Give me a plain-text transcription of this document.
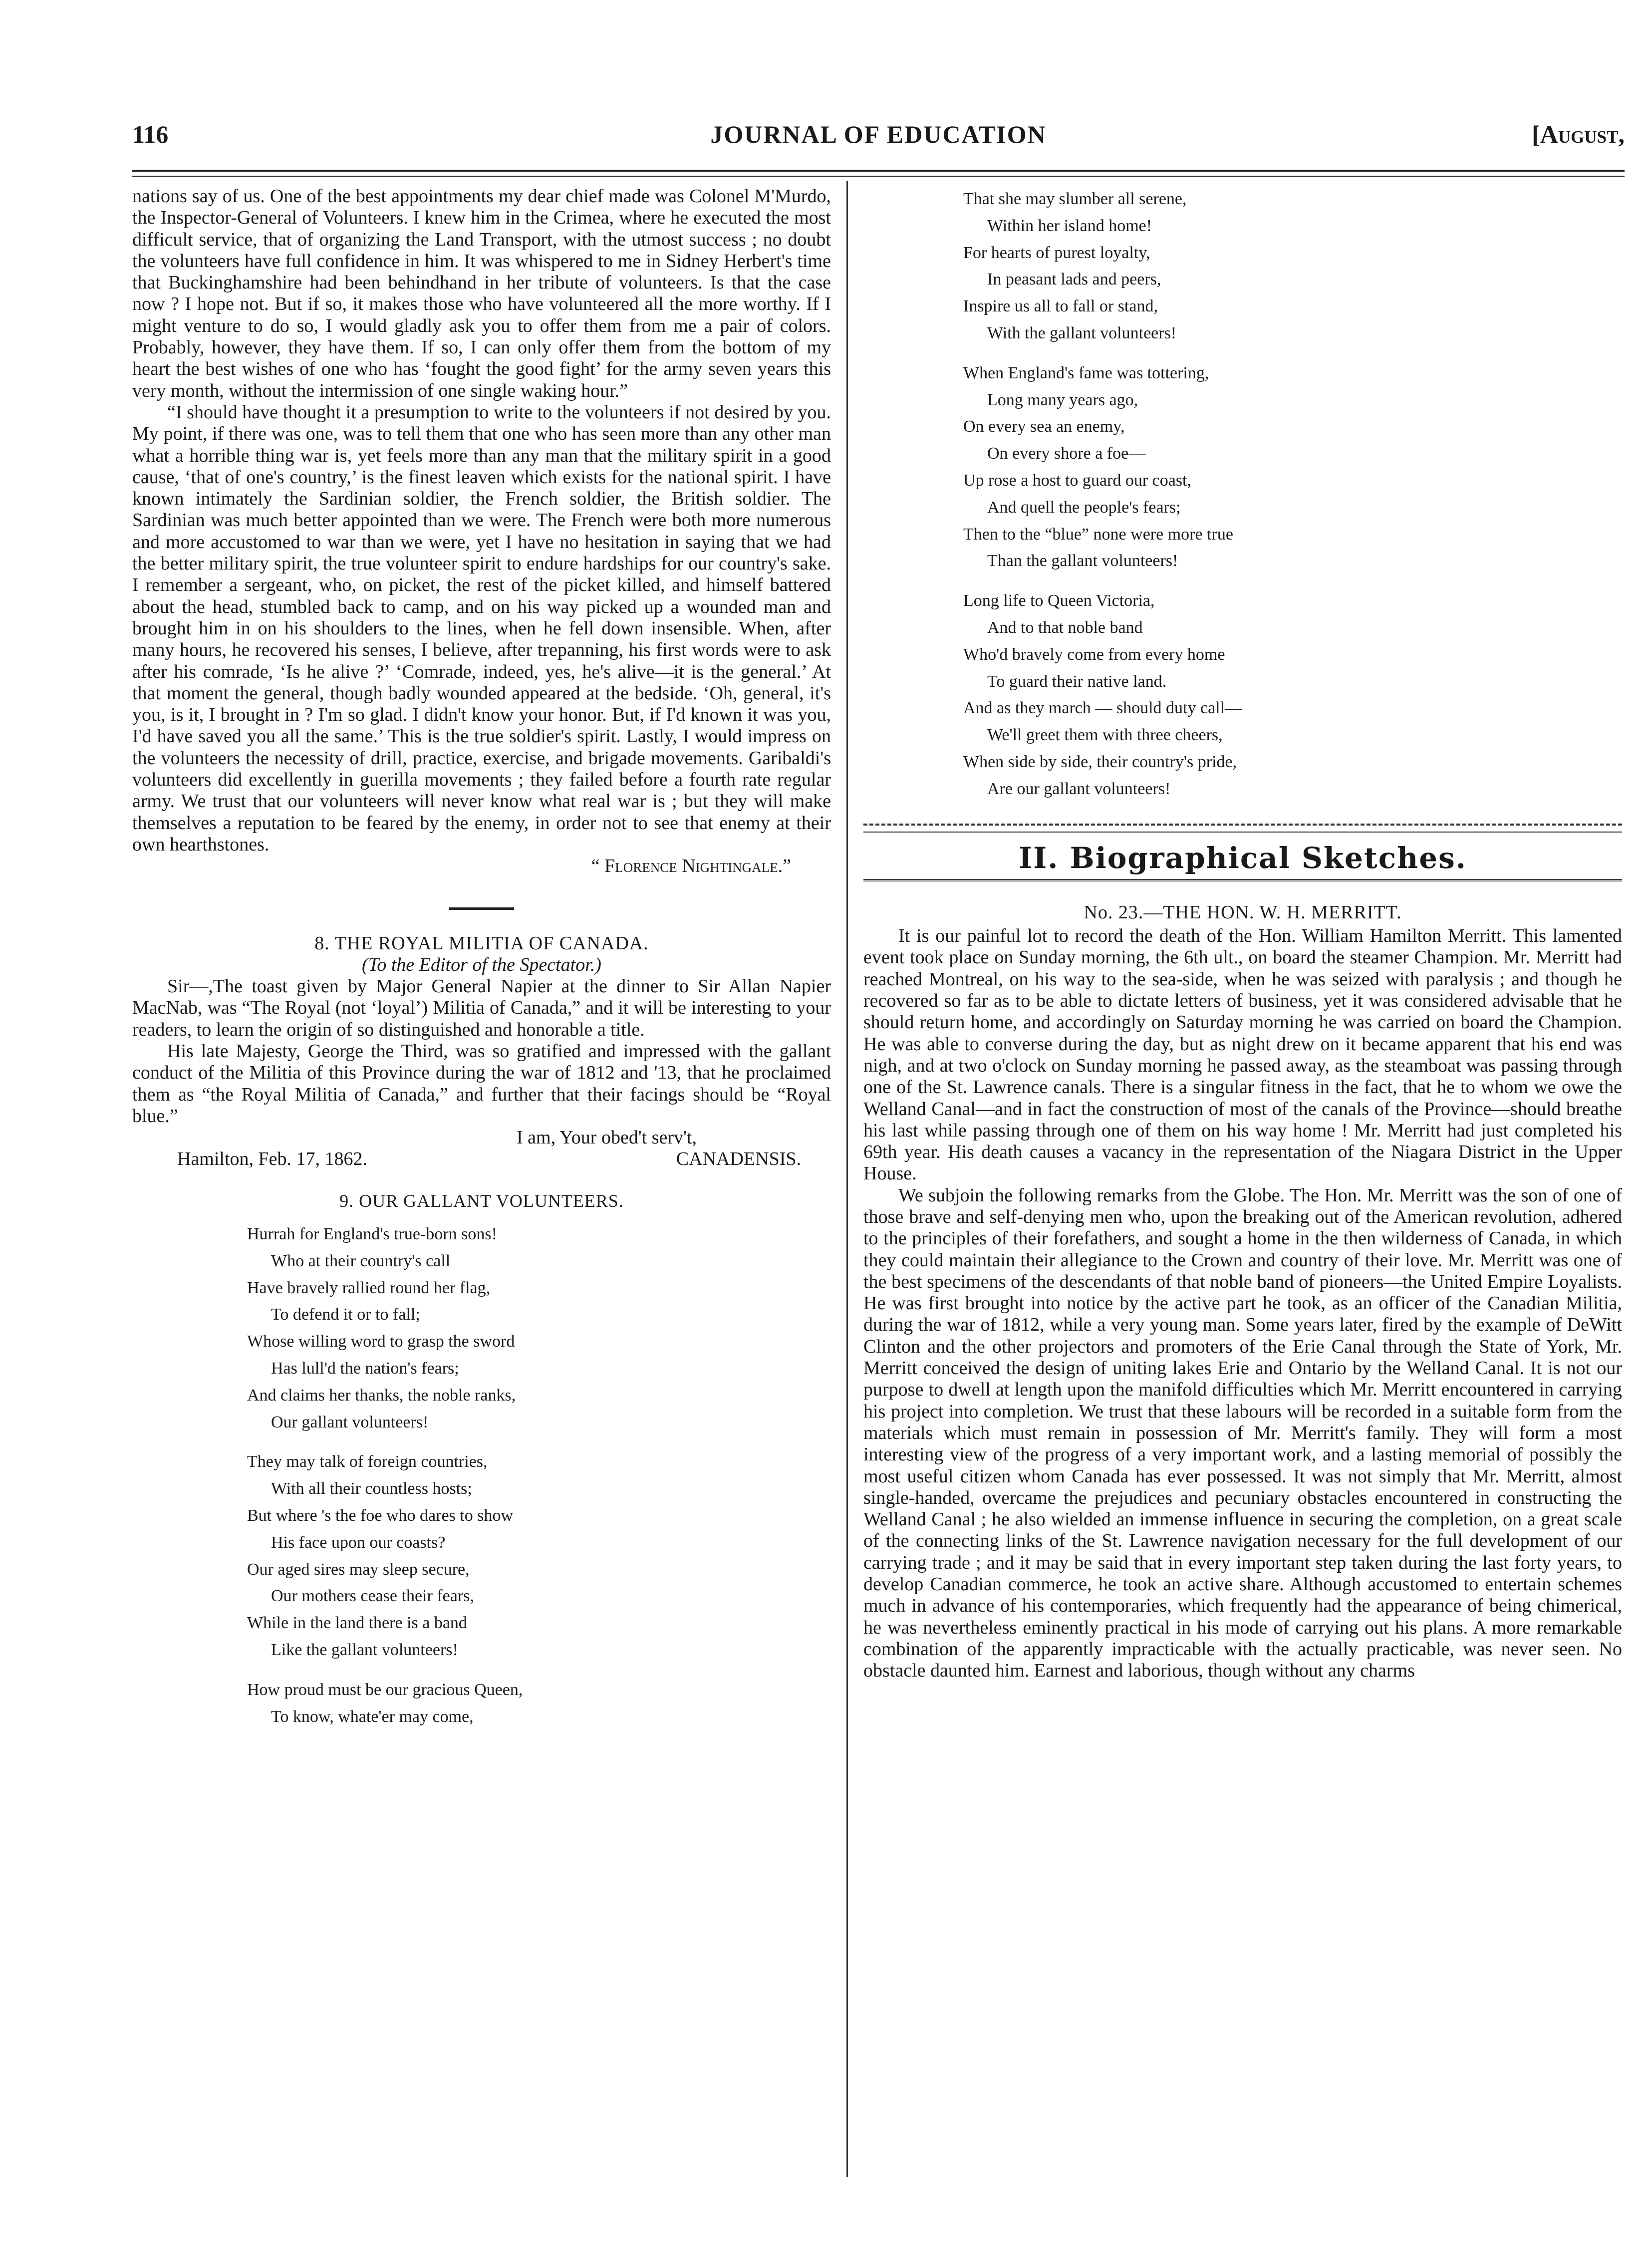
116	JOURNAL OF EDUCATION	[August,

nations say of us. One of the best appointments my dear chief made was Colonel M'Murdo, the Inspector-General of Volunteers. I knew him in the Crimea, where he executed the most difficult service, that of organizing the Land Transport, with the utmost success ; no doubt the volunteers have full confidence in him. It was whispered to me in Sidney Herbert's time that Buckinghamshire had been behindhand in her tribute of volunteers. Is that the case now ? I hope not. But if so, it makes those who have volunteered all the more worthy. If I might venture to do so, I would gladly ask you to offer them from me a pair of colors. Probably, however, they have them. If so, I can only offer them from the bottom of my heart the best wishes of one who has ‘fought the good fight’ for the army seven years this very month, without the intermission of one single waking hour.”

“I should have thought it a presumption to write to the volunteers if not desired by you. My point, if there was one, was to tell them that one who has seen more than any other man what a horrible thing war is, yet feels more than any man that the military spirit in a good cause, ‘that of one's country,’ is the finest leaven which exists for the national spirit. I have known intimately the Sardinian soldier, the French soldier, the British soldier. The Sardinian was much better appointed than we were. The French were both more numerous and more accustomed to war than we were, yet I have no hesitation in saying that we had the better military spirit, the true volunteer spirit to endure hardships for our country's sake. I remember a sergeant, who, on picket, the rest of the picket killed, and himself battered about the head, stumbled back to camp, and on his way picked up a wounded man and brought him in on his shoulders to the lines, when he fell down insensible. When, after many hours, he recovered his senses, I believe, after trepanning, his first words were to ask after his comrade, ‘Is he alive ?’ ‘Comrade, indeed, yes, he's alive—it is the general.’ At that moment the general, though badly wounded appeared at the bedside. ‘Oh, general, it's you, is it, I brought in ? I'm so glad. I didn't know your honor. But, if I'd known it was you, I'd have saved you all the same.’ This is the true soldier's spirit. Lastly, I would impress on the volunteers the necessity of drill, practice, exercise, and brigade movements. Garibaldi's volunteers did excellently in guerilla movements ; they failed before a fourth rate regular army. We trust that our volunteers will never know what real war is ; but they will make themselves a reputation to be feared by the enemy, in order not to see that enemy at their own hearthstones.

“ Florence Nightingale.”

8. THE ROYAL MILITIA OF CANADA.
(To the Editor of the Spectator.)

Sir—,The toast given by Major General Napier at the dinner to Sir Allan Napier MacNab, was “The Royal (not ‘loyal’) Militia of Canada,” and it will be interesting to your readers, to learn the origin of so distinguished and honorable a title.

His late Majesty, George the Third, was so gratified and impressed with the gallant conduct of the Militia of this Province during the war of 1812 and '13, that he proclaimed them as “the Royal Militia of Canada,” and further that their facings should be “Royal blue.”

I am, Your obed't serv't,
Hamilton, Feb. 17, 1862.	CANADENSIS.
9. OUR GALLANT VOLUNTEERS.
Hurrah for England's true-born sons!
Who at their country's call
Have bravely rallied round her flag,
To defend it or to fall;
Whose willing word to grasp the sword
Has lull'd the nation's fears;
And claims her thanks, the noble ranks,
Our gallant volunteers!
They may talk of foreign countries,
With all their countless hosts;
But where 's the foe who dares to show
His face upon our coasts?
Our aged sires may sleep secure,
Our mothers cease their fears,
While in the land there is a band
Like the gallant volunteers!
How proud must be our gracious Queen,
To know, whate'er may come,
That she may slumber all serene,
Within her island home!
For hearts of purest loyalty,
In peasant lads and peers,
Inspire us all to fall or stand,
With the gallant volunteers!
When England's fame was tottering,
Long many years ago,
On every sea an enemy,
On every shore a foe—
Up rose a host to guard our coast,
And quell the people's fears;
Then to the “blue” none were more true
Than the gallant volunteers!
Long life to Queen Victoria,
And to that noble band
Who'd bravely come from every home
To guard their native land.
And as they march — should duty call—
We'll greet them with three cheers,
When side by side, their country's pride,
Are our gallant volunteers!
II. Biographical Sketches.
No. 23.—THE HON. W. H. MERRITT.

It is our painful lot to record the death of the Hon. William Hamilton Merritt. This lamented event took place on Sunday morning, the 6th ult., on board the steamer Champion. Mr. Merritt had reached Montreal, on his way to the sea-side, when he was seized with paralysis ; and though he recovered so far as to be able to dictate letters of business, yet it was considered advisable that he should return home, and accordingly on Saturday morning he was carried on board the Champion. He was able to converse during the day, but as night drew on it became apparent that his end was nigh, and at two o'clock on Sunday morning he passed away, as the steamboat was passing through one of the St. Lawrence canals. There is a singular fitness in the fact, that he to whom we owe the Welland Canal—and in fact the construction of most of the canals of the Province—should breathe his last while passing through one of them on his way home ! Mr. Merritt had just completed his 69th year. His death causes a vacancy in the representation of the Niagara District in the Upper House.

We subjoin the following remarks from the Globe. The Hon. Mr. Merritt was the son of one of those brave and self-denying men who, upon the breaking out of the American revolution, adhered to the principles of their forefathers, and sought a home in the then wilderness of Canada, in which they could maintain their allegiance to the Crown and country of their love. Mr. Merritt was one of the best specimens of the descendants of that noble band of pioneers—the United Empire Loyalists. He was first brought into notice by the active part he took, as an officer of the Canadian Militia, during the war of 1812, while a very young man. Some years later, fired by the example of DeWitt Clinton and the other projectors and promoters of the Erie Canal through the State of York, Mr. Merritt conceived the design of uniting lakes Erie and Ontario by the Welland Canal. It is not our purpose to dwell at length upon the manifold difficulties which Mr. Merritt encountered in carrying his project into completion. We trust that these labours will be recorded in a suitable form from the materials which must remain in possession of Mr. Merritt's family. They will form a most interesting view of the progress of a very important work, and a lasting memorial of possibly the most useful citizen whom Canada has ever possessed. It was not simply that Mr. Merritt, almost single-handed, overcame the prejudices and pecuniary obstacles encountered in constructing the Welland Canal ; he also wielded an immense influence in securing the completion, on a great scale of the connecting links of the St. Lawrence navigation necessary for the full development of our carrying trade ; and it may be said that in every important step taken during the last forty years, to develop Canadian commerce, he took an active share. Although accustomed to entertain schemes much in advance of his contemporaries, which frequently had the appearance of being chimerical, he was nevertheless eminently practical in his mode of carrying out his plans. A more remarkable combination of the apparently impracticable with the actually practicable, was never seen. No obstacle daunted him. Earnest and laborious, though without any charms
